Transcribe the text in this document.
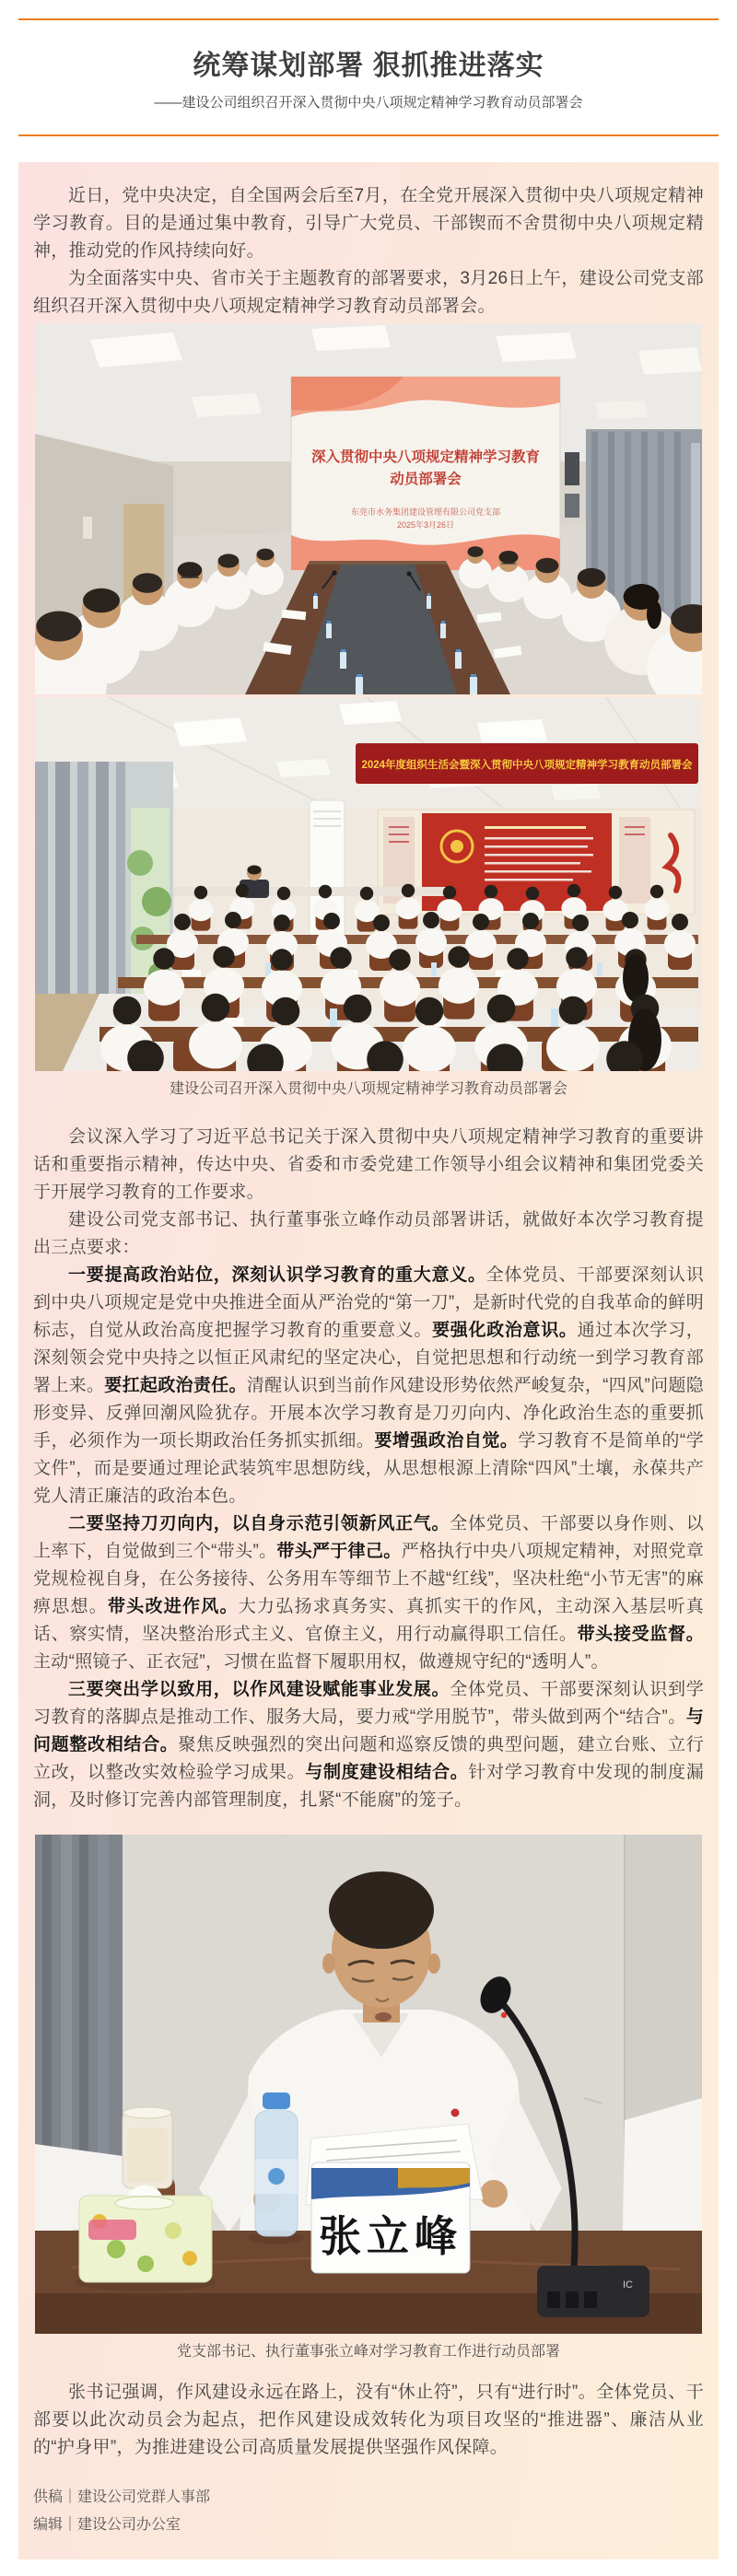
统筹谋划部署 狠抓推进落实

——建设公司组织召开深入贯彻中央八项规定精神学习教育动员部署会

近日，党中央决定，自全国两会后至7月，在全党开展深入贯彻中央八项规定精神学习教育。目的是通过集中教育，引导广大党员、干部锲而不舍贯彻中央八项规定精神，推动党的作风持续向好。

为全面落实中央、省市关于主题教育的部署要求，3月26日上午，建设公司党支部组织召开深入贯彻中央八项规定精神学习教育动员部署会。

深入贯彻中央八项规定精神学习教育
动员部署会
东莞市水务集团建设管理有限公司党支部
2025年3月26日
2024年度组织生活会暨深入贯彻中央八项规定精神学习教育动员部署会

建设公司召开深入贯彻中央八项规定精神学习教育动员部署会

会议深入学习了习近平总书记关于深入贯彻中央八项规定精神学习教育的重要讲话和重要指示精神，传达中央、省委和市委党建工作领导小组会议精神和集团党委关于开展学习教育的工作要求。

建设公司党支部书记、执行董事张立峰作动员部署讲话，就做好本次学习教育提出三点要求：

一要提高政治站位，深刻认识学习教育的重大意义。全体党员、干部要深刻认识到中央八项规定是党中央推进全面从严治党的“第一刀”，是新时代党的自我革命的鲜明标志，自觉从政治高度把握学习教育的重要意义。要强化政治意识。通过本次学习，深刻领会党中央持之以恒正风肃纪的坚定决心，自觉把思想和行动统一到学习教育部署上来。要扛起政治责任。清醒认识到当前作风建设形势依然严峻复杂，“四风”问题隐形变异、反弹回潮风险犹存。开展本次学习教育是刀刃向内、净化政治生态的重要抓手，必须作为一项长期政治任务抓实抓细。要增强政治自觉。学习教育不是简单的“学文件”，而是要通过理论武装筑牢思想防线，从思想根源上清除“四风”土壤，永葆共产党人清正廉洁的政治本色。

二要坚持刀刃向内，以自身示范引领新风正气。全体党员、干部要以身作则、以上率下，自觉做到三个“带头”。带头严于律己。严格执行中央八项规定精神，对照党章党规检视自身，在公务接待、公务用车等细节上不越“红线”，坚决杜绝“小节无害”的麻痹思想。带头改进作风。大力弘扬求真务实、真抓实干的作风，主动深入基层听真话、察实情，坚决整治形式主义、官僚主义，用行动赢得职工信任。带头接受监督。主动“照镜子、正衣冠”，习惯在监督下履职用权，做遵规守纪的“透明人”。

三要突出学以致用，以作风建设赋能事业发展。全体党员、干部要深刻认识到学习教育的落脚点是推动工作、服务大局，要力戒“学用脱节”，带头做到两个“结合”。与问题整改相结合。聚焦反映强烈的突出问题和巡察反馈的典型问题，建立台账、立行立改，以整改实效检验学习成果。与制度建设相结合。针对学习教育中发现的制度漏洞，及时修订完善内部管理制度，扎紧“不能腐”的笼子。

IC
张立峰

党支部书记、执行董事张立峰对学习教育工作进行动员部署

张书记强调，作风建设永远在路上，没有“休止符”，只有“进行时”。全体党员、干部要以此次动员会为起点，把作风建设成效转化为项目攻坚的“推进器”、廉洁从业的“护身甲”，为推进建设公司高质量发展提供坚强作风保障。

供稿｜建设公司党群人事部
编辑｜建设公司办公室
